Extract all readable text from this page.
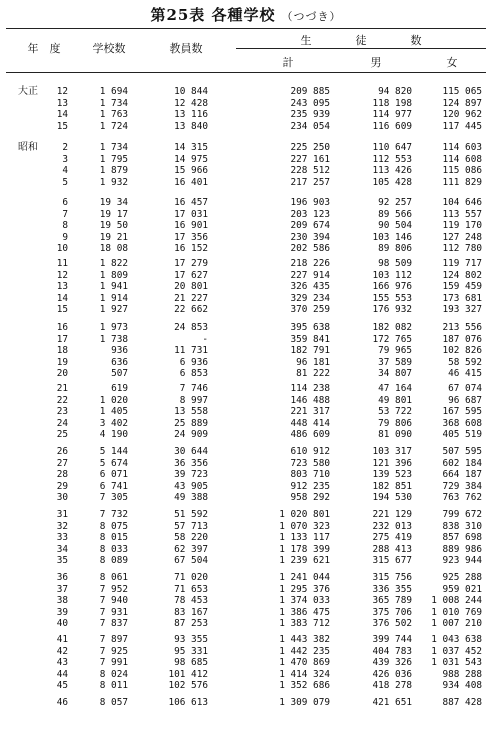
第25表 各種学校 （つづき）
年　度	学校数	教員数
生　　　　徒　　　　数
計	男	女
大正	12	1 694	10 844	209 885	94 820	115 065
13	1 734	12 428	243 095	118 198	124 897
14	1 763	13 116	235 939	114 977	120 962
15	1 724	13 840	234 054	116 609	117 445
昭和	2	1 734	14 315	225 250	110 647	114 603
3	1 795	14 975	227 161	112 553	114 608
4	1 879	15 966	228 512	113 426	115 086
5	1 932	16 401	217 257	105 428	111 829
6	19 34	16 457	196 903	92 257	104 646
7	19 17	17 031	203 123	89 566	113 557
8	19 50	16 901	209 674	90 504	119 170
9	19 21	17 356	230 394	103 146	127 248
10	18 08	16 152	202 586	89 806	112 780
11	1 822	17 279	218 226	98 509	119 717
12	1 809	17 627	227 914	103 112	124 802
13	1 941	20 801	326 435	166 976	159 459
14	1 914	21 227	329 234	155 553	173 681
15	1 927	22 662	370 259	176 932	193 327
16	1 973	24 853	395 638	182 082	213 556
17	1 738	-	359 841	172 765	187 076
18	936	11 731	182 791	79 965	102 826
19	636	6 936	96 181	37 589	58 592
20	507	6 853	81 222	34 807	46 415
21	619	7 746	114 238	47 164	67 074
22	1 020	8 997	146 488	49 801	96 687
23	1 405	13 558	221 317	53 722	167 595
24	3 402	25 889	448 414	79 806	368 608
25	4 190	24 909	486 609	81 090	405 519
26	5 144	30 644	610 912	103 317	507 595
27	5 674	36 356	723 580	121 396	602 184
28	6 071	39 723	803 710	139 523	664 187
29	6 741	43 905	912 235	182 851	729 384
30	7 305	49 388	958 292	194 530	763 762
31	7 732	51 592	1 020 801	221 129	799 672
32	8 075	57 713	1 070 323	232 013	838 310
33	8 015	58 220	1 133 117	275 419	857 698
34	8 033	62 397	1 178 399	288 413	889 986
35	8 089	67 504	1 239 621	315 677	923 944
36	8 061	71 020	1 241 044	315 756	925 288
37	7 952	71 653	1 295 376	336 355	959 021
38	7 940	78 453	1 374 033	365 789	1 008 244
39	7 931	83 167	1 386 475	375 706	1 010 769
40	7 837	87 253	1 383 712	376 502	1 007 210
41	7 897	93 355	1 443 382	399 744	1 043 638
42	7 925	95 331	1 442 235	404 783	1 037 452
43	7 991	98 685	1 470 869	439 326	1 031 543
44	8 024	101 412	1 414 324	426 036	988 288
45	8 011	102 576	1 352 686	418 278	934 408
46	8 057	106 613	1 309 079	421 651	887 428
